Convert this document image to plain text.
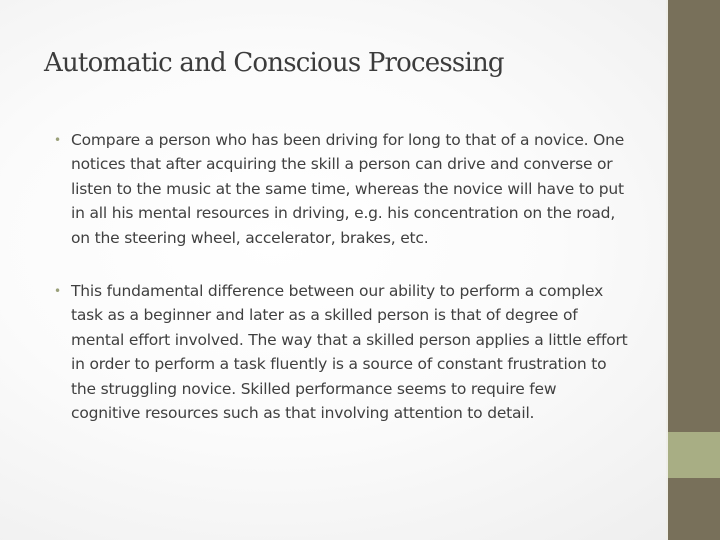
Automatic and Conscious Processing
• Compare a person who has been driving for long to that of a novice. One notices that after acquiring the skill a person can drive and converse or listen to the music at the same time, whereas the novice will have to put in all his mental resources in driving, e.g. his concentration on the road, on the steering wheel, accelerator, brakes, etc.
• This fundamental difference between our ability to perform a complex task as a beginner and later as a skilled person is that of degree of mental effort involved. The way that a skilled person applies a little effort in order to perform a task fluently is a source of constant frustration to the struggling novice. Skilled performance seems to require few cognitive resources such as that involving attention to detail.
